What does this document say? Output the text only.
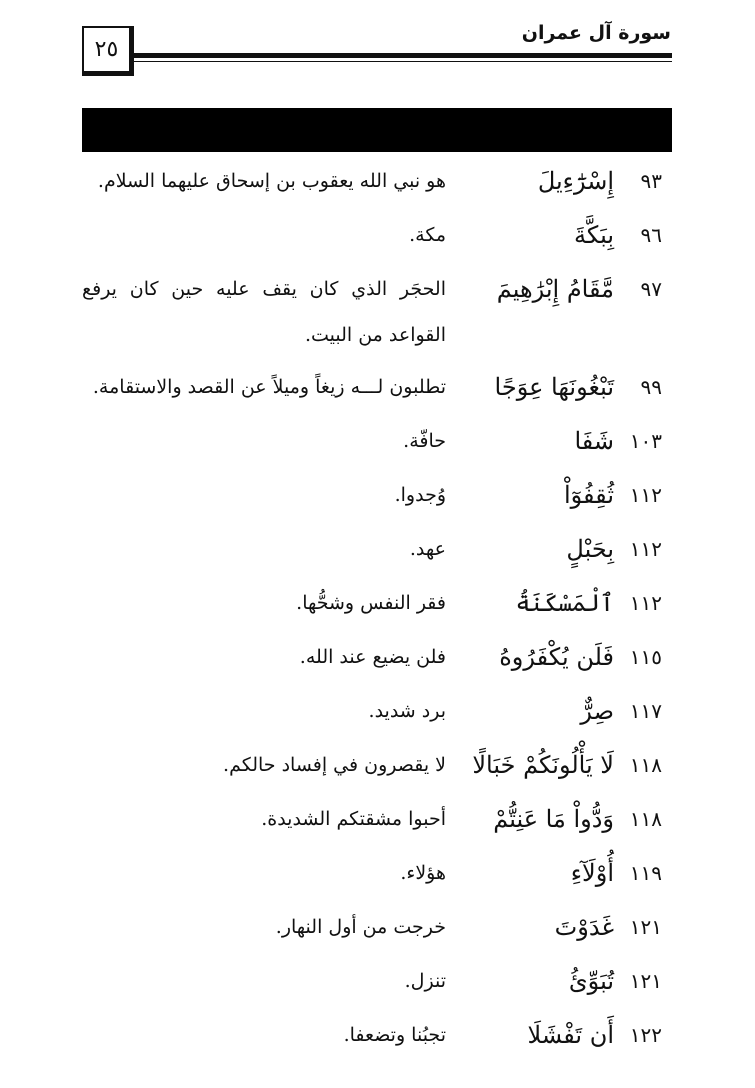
٢٥
سورة آل عمران
٩٣
إِسْرَٰٓءِيلَ
هو نبي الله يعقوب بن إسحاق عليهما السلام.
٩٦
بِبَكَّةَ
مكة.
٩٧
مَّقَامُ إِبْرَٰهِيمَ
الحجَر الذي كان يقف عليه حين كان يرفع القواعد من البيت.
٩٩
تَبْغُونَهَا عِوَجًا
تطلبون لـــه زيغاً وميلاً عن القصد والاستقامة.
١٠٣
شَفَا
حافّة.
١١٢
ثُقِفُوٓاْ
وُجدوا.
١١٢
بِحَبْلٍ
عهد.
١١٢
ٱلْمَسْكَنَةُ
فقر النفس وشحُّها.
١١٥
فَلَن يُكْفَرُوهُ
فلن يضيع عند الله.
١١٧
صِرٌّ
برد شديد.
١١٨
لَا يَأْلُونَكُمْ خَبَالًا
لا يقصرون في إفساد حالكم.
١١٨
وَدُّواْ مَا عَنِتُّمْ
أحبوا مشقتكم الشديدة.
١١٩
أُوْلَآءِ
هؤلاء.
١٢١
غَدَوْتَ
خرجت من أول النهار.
١٢١
تُبَوِّئُ
تنزل.
١٢٢
أَن تَفْشَلَا
تجبُنا وتضعفا.
